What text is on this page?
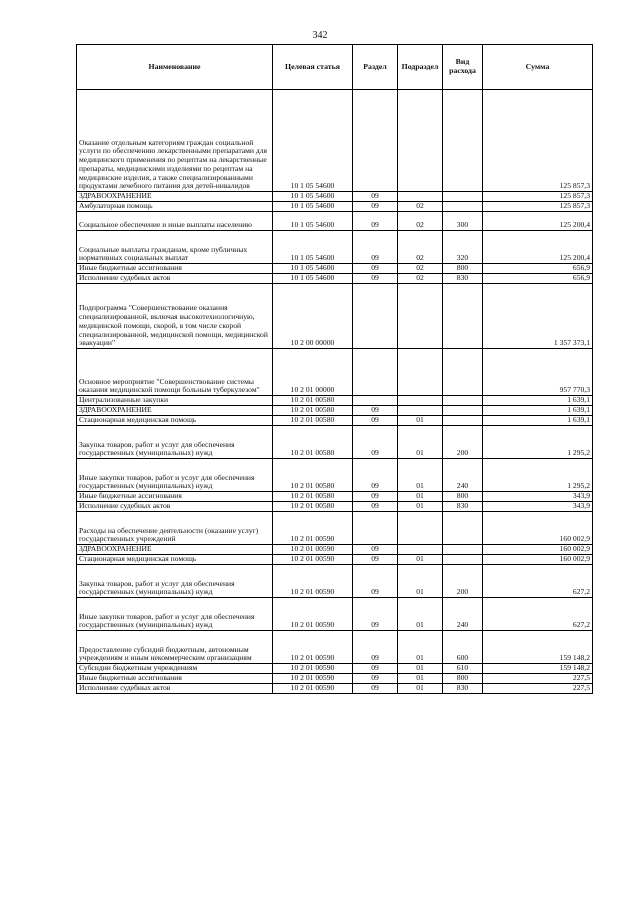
342
Наименование	Целевая статья	Раздел	Подраздел	Вид расхода	Сумма
Оказание отдельным категориям граждан социальной услуги по обеспечению лекарственными препаратами для медицинского применения по рецептам на лекарственные препараты, медицинскими изделиями по рецептам на медицинские изделия, а также специализированными продуктами лечебного питания для детей-инвалидов	10 1 05 54600				125 857,3
ЗДРАВООХРАНЕНИЕ	10 1 05 54600	09			125 857,3
Амбулаторная помощь	10 1 05 54600	09	02		125 857,3
Социальное обеспечение и иные выплаты населению	10 1 05 54600	09	02	300	125 200,4
Социальные выплаты гражданам, кроме публичных нормативных социальных выплат	10 1 05 54600	09	02	320	125 200,4
Иные бюджетные ассигнования	10 1 05 54600	09	02	800	656,9
Исполнение судебных актов	10 1 05 54600	09	02	830	656,9
Подпрограмма "Совершенствование оказания специализированной, включая высокотехнологичную, медицинской помощи, скорой, в том числе скорой специализированной, медицинской помощи, медицинской эвакуации"	10 2 00 00000				1 357 373,1
Основное мероприятие "Совершенствование системы оказания медицинской помощи больным туберкулезом"	10 2 01 00000				957 770,3
Централизованные закупки	10 2 01 00580				1 639,1
ЗДРАВООХРАНЕНИЕ	10 2 01 00580	09			1 639,1
Стационарная медицинская помощь	10 2 01 00580	09	01		1 639,1
Закупка товаров, работ и услуг для обеспечения государственных (муниципальных) нужд	10 2 01 00580	09	01	200	1 295,2
Иные закупки товаров, работ и услуг для обеспечения государственных (муниципальных) нужд	10 2 01 00580	09	01	240	1 295,2
Иные бюджетные ассигнования	10 2 01 00580	09	01	800	343,9
Исполнение судебных актов	10 2 01 00580	09	01	830	343,9
Расходы на обеспечение деятельности (оказание услуг) государственных учреждений	10 2 01 00590				160 002,9
ЗДРАВООХРАНЕНИЕ	10 2 01 00590	09			160 002,9
Стационарная медицинская помощь	10 2 01 00590	09	01		160 002,9
Закупка товаров, работ и услуг для обеспечения государственных (муниципальных) нужд	10 2 01 00590	09	01	200	627,2
Иные закупки товаров, работ и услуг для обеспечения государственных (муниципальных) нужд	10 2 01 00590	09	01	240	627,2
Предоставление субсидий бюджетным, автономным учреждениям и иным некоммерческим организациям	10 2 01 00590	09	01	600	159 148,2
Субсидии бюджетным учреждениям	10 2 01 00590	09	01	610	159 148,2
Иные бюджетные ассигнования	10 2 01 00590	09	01	800	227,5
Исполнение судебных актов	10 2 01 00590	09	01	830	227,5
